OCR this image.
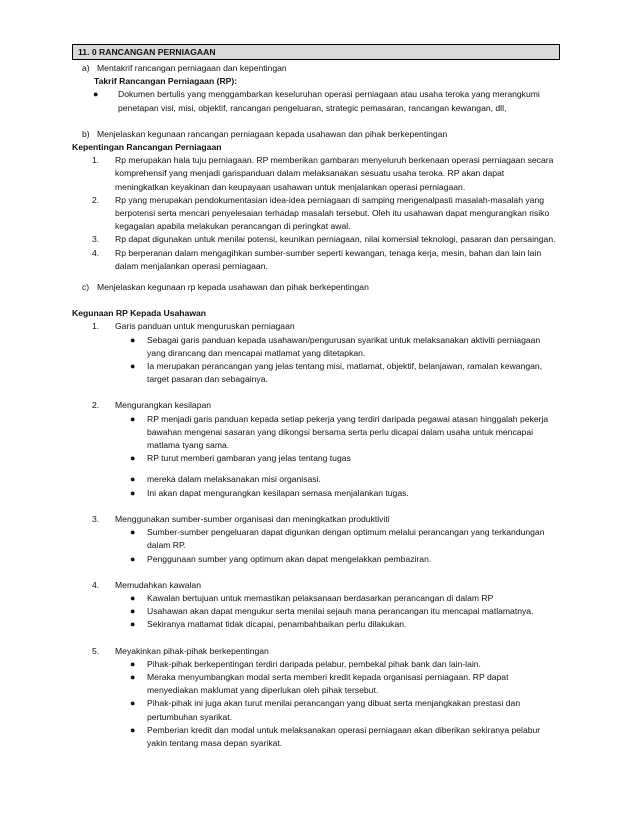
11. 0 RANCANGAN PERNIAGAAN
a) Mentakrif rancangan perniagaan dan kepentingan
Takrif Rancangan Perniagaan (RP):
● Dokumen bertulis yang menggambarkan keseluruhan operasi perniagaan atau usaha teroka yang merangkumi penetapan visi, misi, objektif, rancangan pengeluaran, strategic pemasaran, rancangan kewangan, dll,
b) Menjelaskan kegunaan rancangan perniagaan kepada usahawan dan pihak berkepentingan
Kepentingan Rancangan Perniagaan
1. Rp merupakan hala tuju perniagaan. RP memberikan gambaran menyeluruh berkenaan operasi perniagaan secara komprehensif yang menjadi garispanduan dalam melaksanakan sesuatu usaha teroka. RP akan dapat meningkatkan keyakinan dan keupayaan usahawan untuk menjalankan operasi perniagaan.
2. Rp yang merupakan pendokumentasian idea-idea perniagaan di samping mengenalpasti masalah-masalah yang berpotensi serta mencari penyelesaian terhadap masalah tersebut. Oleh itu usahawan dapat mengurangkan risiko kegagalan apabila melakukan perancangan di peringkat awal.
3. Rp dapat digunakan untuk menilai potensi, keunikan perniagaan, nilai komersial teknologi, pasaran dan persaingan.
4. Rp berperanan dalam mengagihkan sumber-sumber seperti kewangan, tenaga kerja, mesin, bahan dan lain lain dalam menjalankan operasi perniagaan.
c) Menjelaskan kegunaan rp kepada usahawan dan pihak berkepentingan
Kegunaan RP Kepada Usahawan
1. Garis panduan untuk menguruskan perniagaan
● Sebagai garis panduan kepada usahawan/pengurusan syarikat untuk melaksanakan aktiviti perniagaan yang dirancang dan mencapai matlamat yang ditetapkan.
● Ia merupakan perancangan yang jelas tentang misi, matlamat, objektif, belanjawan, ramalan kewangan, target pasaran dan sebagainya.
2. Mengurangkan kesilapan
● RP menjadi garis panduan kepada setiap pekerja yang terdiri daripada pegawai atasan hinggalah pekerja bawahan mengenai sasaran yang dikongsi bersama serta perlu dicapai dalam usaha untuk mencapai matlama tyang sama.
● RP turut memberi gambaran yang jelas tentang tugas
● mereka dalam melaksanakan misi organisasi.
● Ini akan dapat mengurangkan kesilapan semasa menjalankan tugas.
3. Menggunakan sumber-sumber organisasi dan meningkatkan produktiviti
● Sumber-sumber pengeluaran dapat digunkan dengan optimum melalui perancangan yang terkandungan dalam RP.
● Penggunaan sumber yang optimum akan dapat mengelakkan pembaziran.
4. Memudahkan kawalan
● Kawalan bertujuan untuk memastikan pelaksanaan berdasarkan perancangan di dalam RP
● Usahawan akan dapat mengukur serta menilai sejauh mana perancangan itu mencapai matlamatnya.
● Sekiranya matlamat tidak dicapai, penambahbaikan perlu dilakukan.
5. Meyakinkan pihak-pihak berkepentingan
● Pihak-pihak berkepentingan terdiri daripada pelabur, pembekal pihak bank dan lain-lain.
● Meraka menyumbangkan modal serta memberi kredit kepada organisasi perniagaan. RP dapat menyediakan maklumat yang diperlukan oleh pihak tersebut.
● Pihak-pihak ini juga akan turut menilai perancangan yang dibuat serta menjangkakan prestasi dan pertumbuhan syarikat.
● Pemberian kredit dan modal untuk melaksanakan operasi perniagaan akan diberikan sekiranya pelabur yakin tentang masa depan syarikat.
